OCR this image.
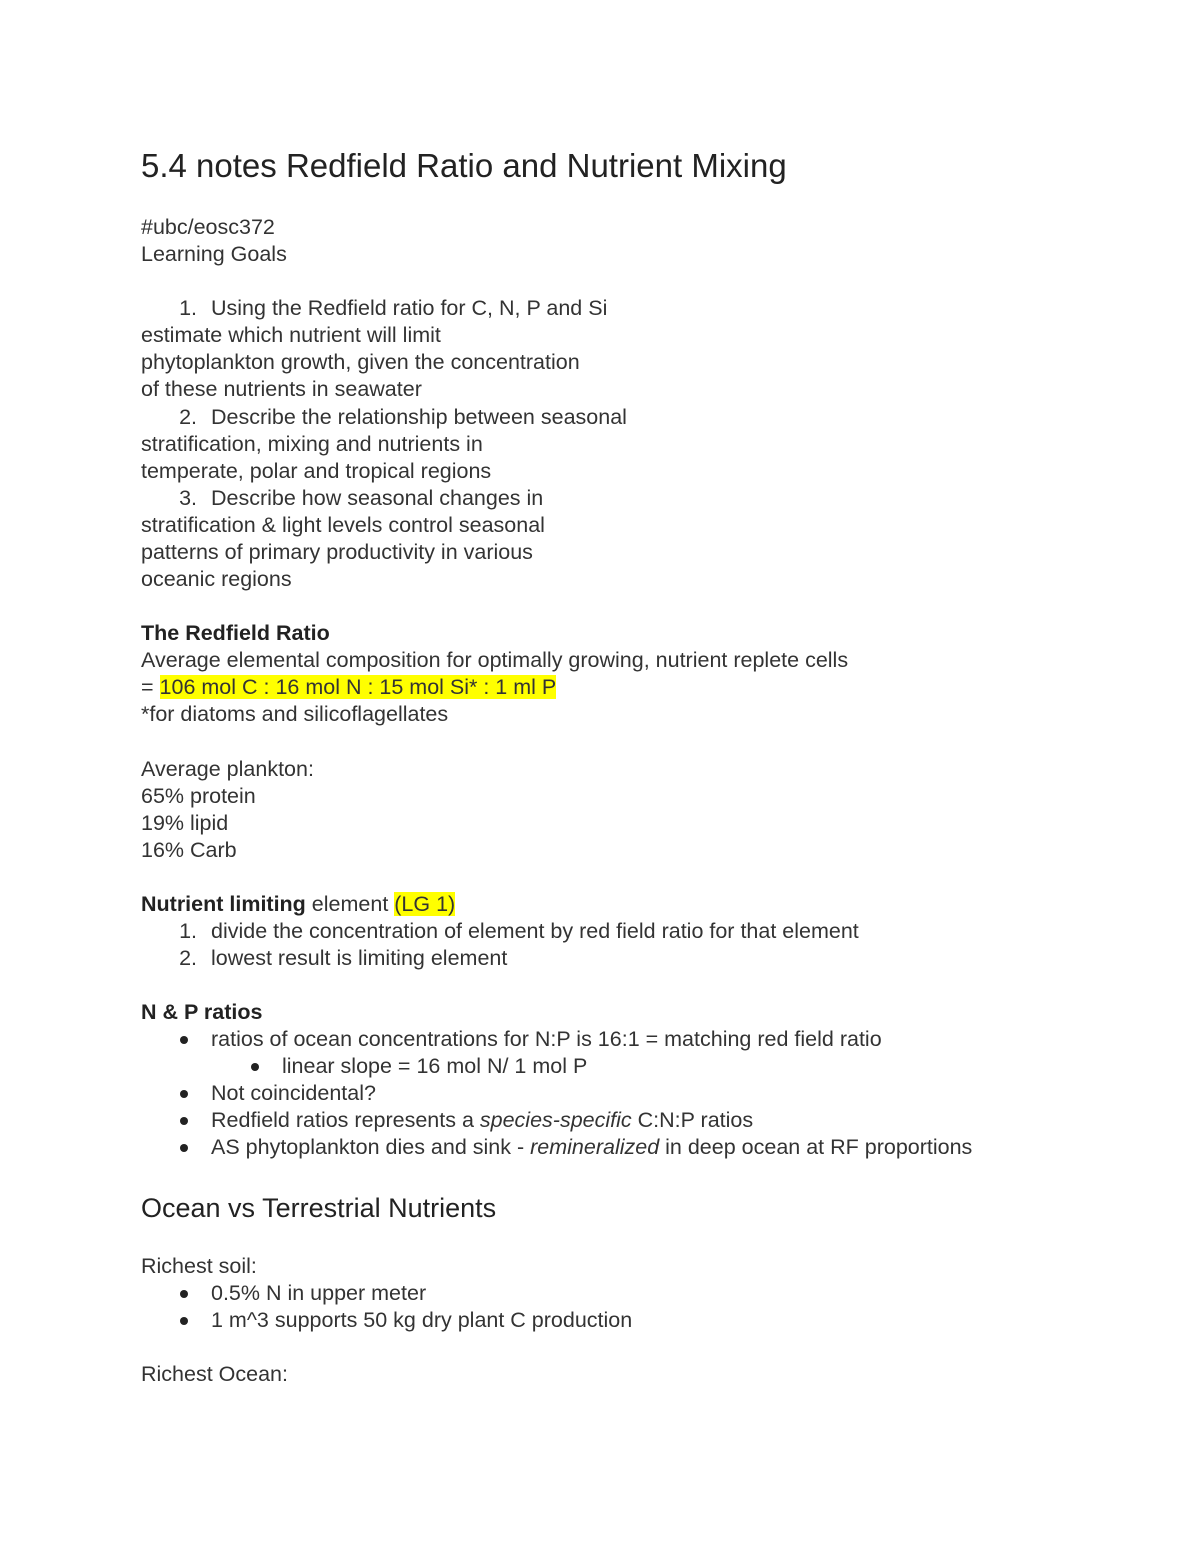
5.4 notes Redfield Ratio and Nutrient Mixing
#ubc/eosc372
Learning Goals
1. Using the Redfield ratio for C, N, P and Si
estimate which nutrient will limit
phytoplankton growth, given the concentration
of these nutrients in seawater
2. Describe the relationship between seasonal
stratification, mixing and nutrients in
temperate, polar and tropical regions
3. Describe how seasonal changes in
stratification & light levels control seasonal
patterns of primary productivity in various
oceanic regions
The Redfield Ratio
Average elemental composition for optimally growing, nutrient replete cells
= 106 mol C : 16 mol N : 15 mol Si* : 1 ml P
*for diatoms and silicoflagellates
Average plankton:
65% protein
19% lipid
16% Carb
Nutrient limiting element (LG 1)
1. divide the concentration of element by red field ratio for that element
2. lowest result is limiting element
N & P ratios
ratios of ocean concentrations for N:P is 16:1 = matching red field ratio
linear slope = 16 mol N/ 1 mol P
Not coincidental?
Redfield ratios represents a species-specific C:N:P ratios
AS phytoplankton dies and sink - remineralized in deep ocean at RF proportions
Ocean vs Terrestrial Nutrients
Richest soil:
0.5% N in upper meter
1 m^3 supports 50 kg dry plant C production
Richest Ocean:
